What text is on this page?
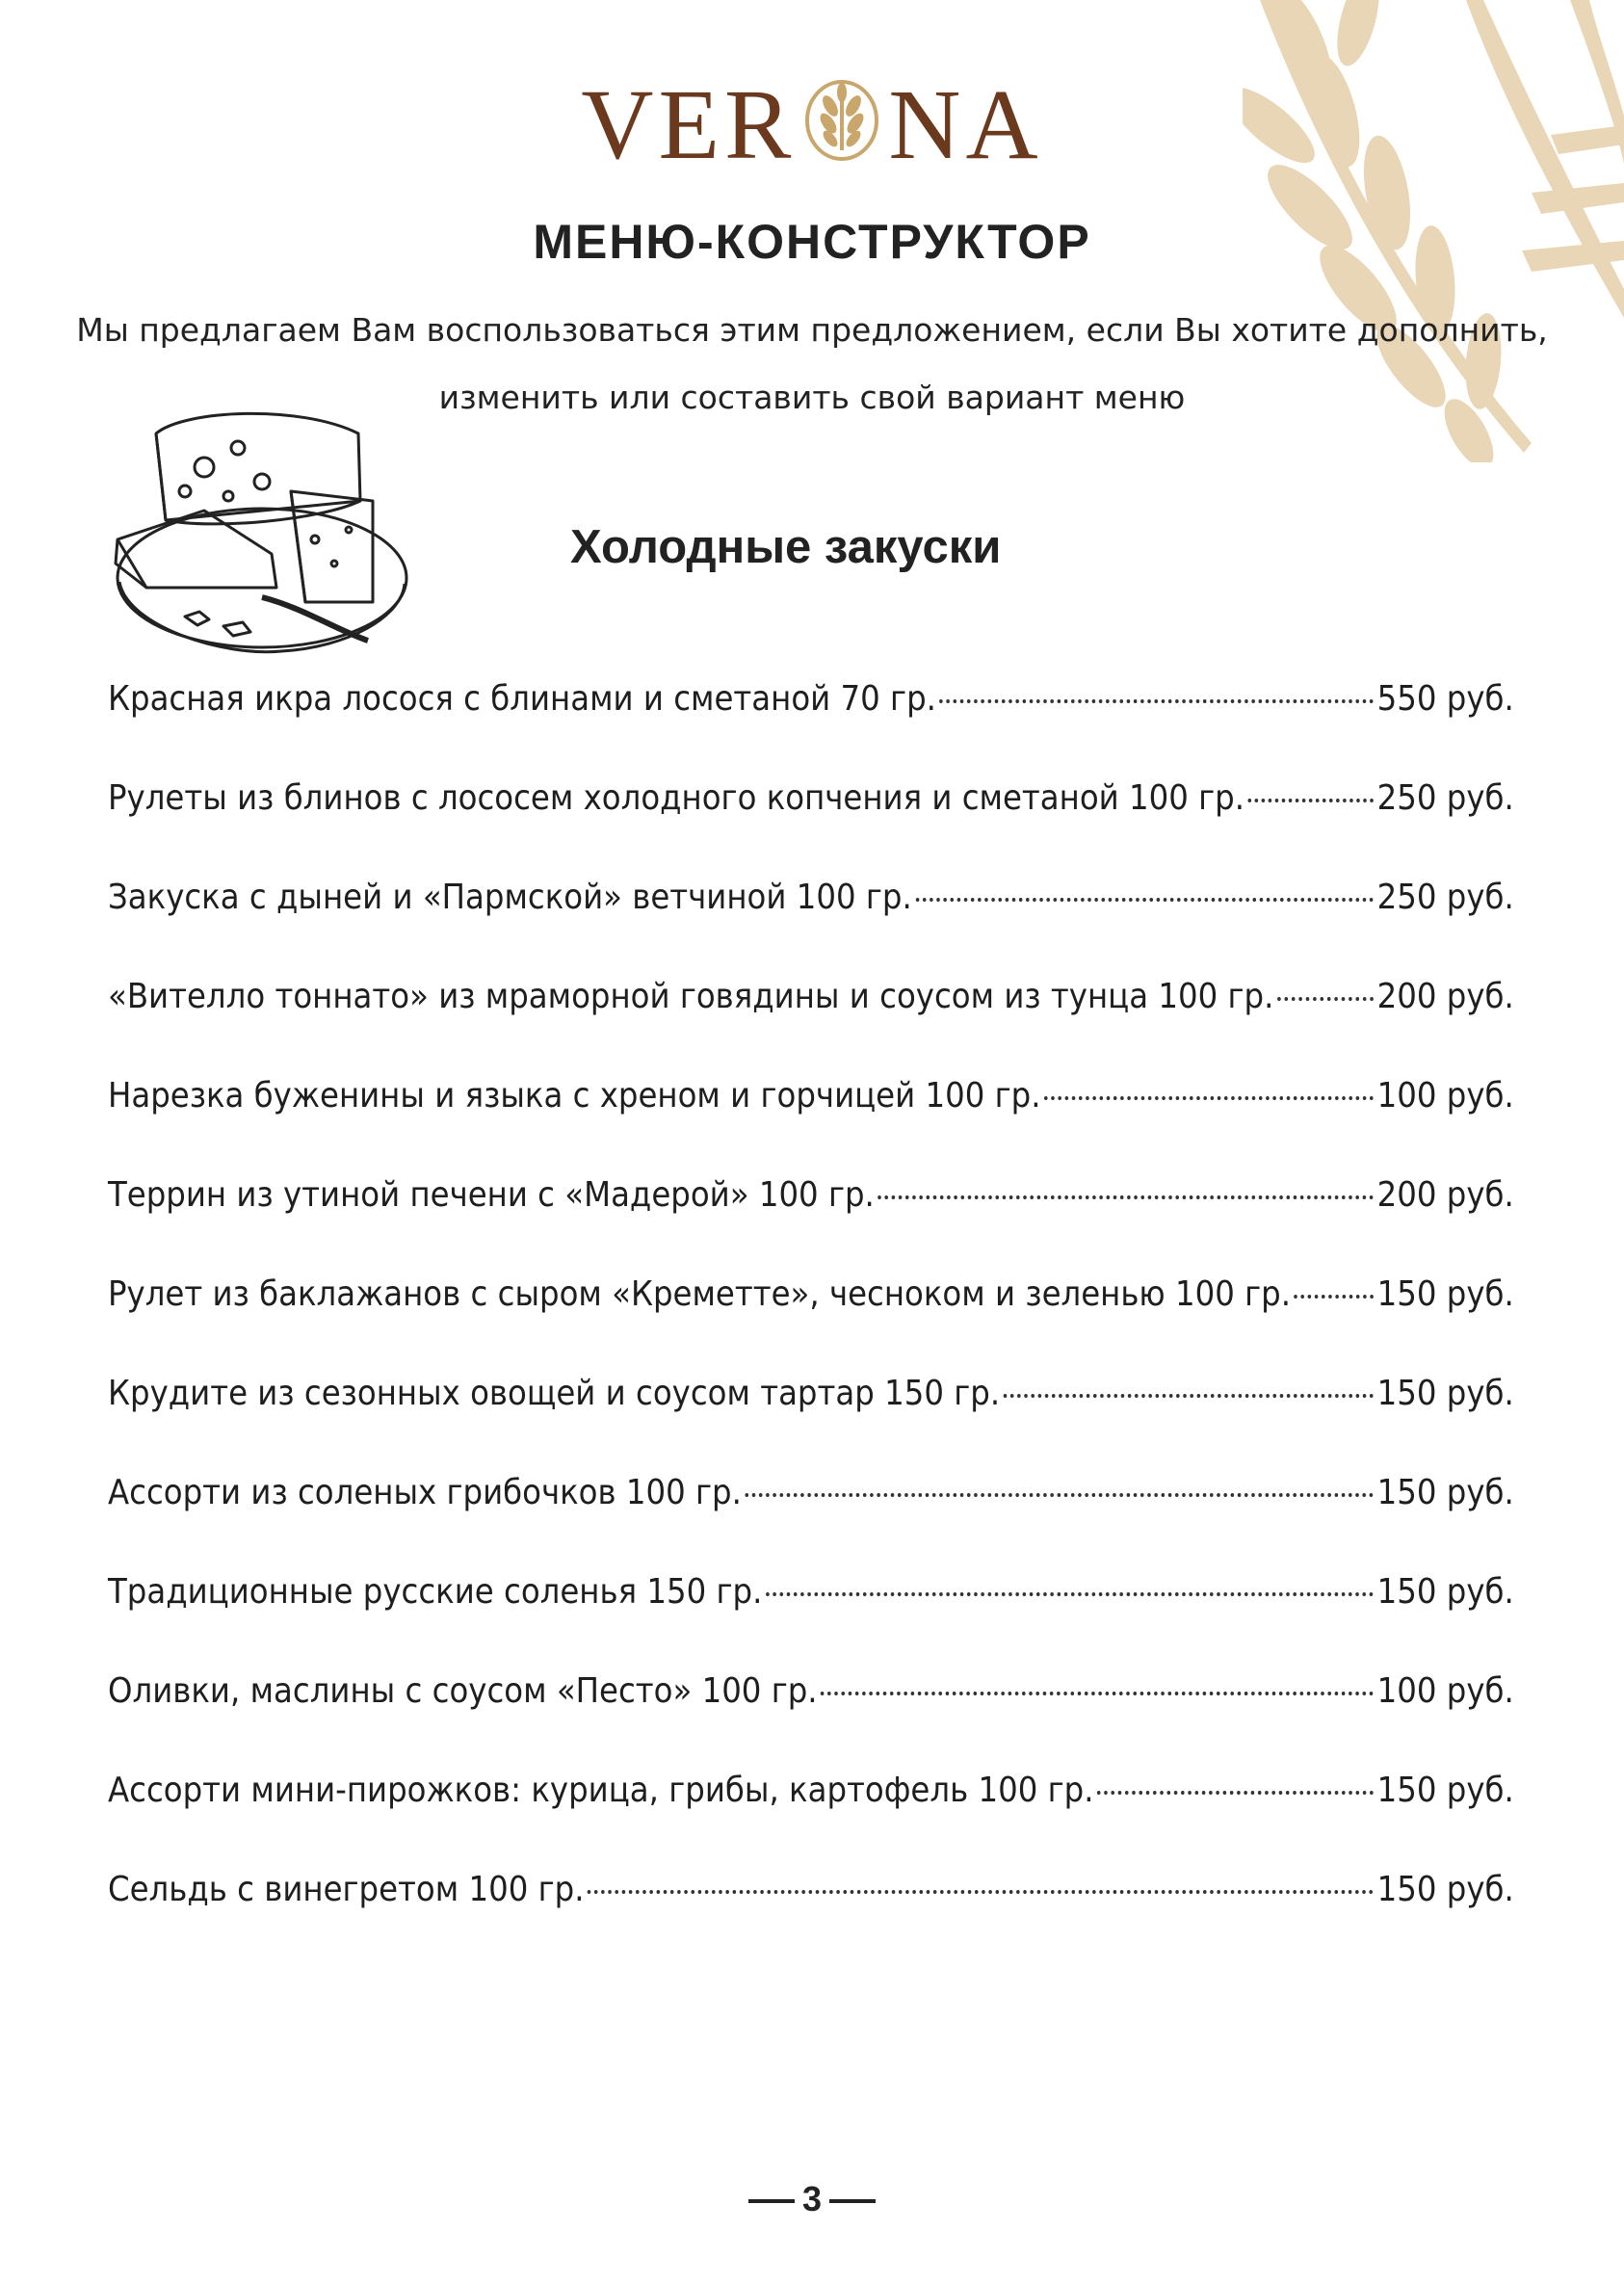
VER NA
МЕНЮ-КОНСТРУКТОР
Мы предлагаем Вам воспользоваться этим предложением, если Вы хотите дополнить,
изменить или составить свой вариант меню
Холодные закуски
Красная икра лосося с блинами и сметаной 70 гр.	550 руб.
Рулеты из блинов с лососем холодного копчения и сметаной 100 гр.	250 руб.
Закуска с дыней и «Пармской» ветчиной 100 гр.	250 руб.
«Вителло тоннато» из мраморной говядины и соусом из тунца 100 гр.	200 руб.
Нарезка буженины и языка с хреном и горчицей 100 гр.	100 руб.
Террин из утиной печени с «Мадерой» 100 гр.	200 руб.
Рулет из баклажанов с сыром «Креметте», чесноком и зеленью 100 гр. 150 руб.
Крудите из сезонных овощей и соусом тартар 150 гр.	150 руб.
Ассорти из соленых грибочков 100 гр.	150 руб.
Традиционные русские соленья 150 гр.	150 руб.
Оливки, маслины с соусом «Песто» 100 гр.	100 руб.
Ассорти мини-пирожков: курица, грибы, картофель 100 гр.	150 руб.
Сельдь с винегретом 100 гр.	150 руб.
3
